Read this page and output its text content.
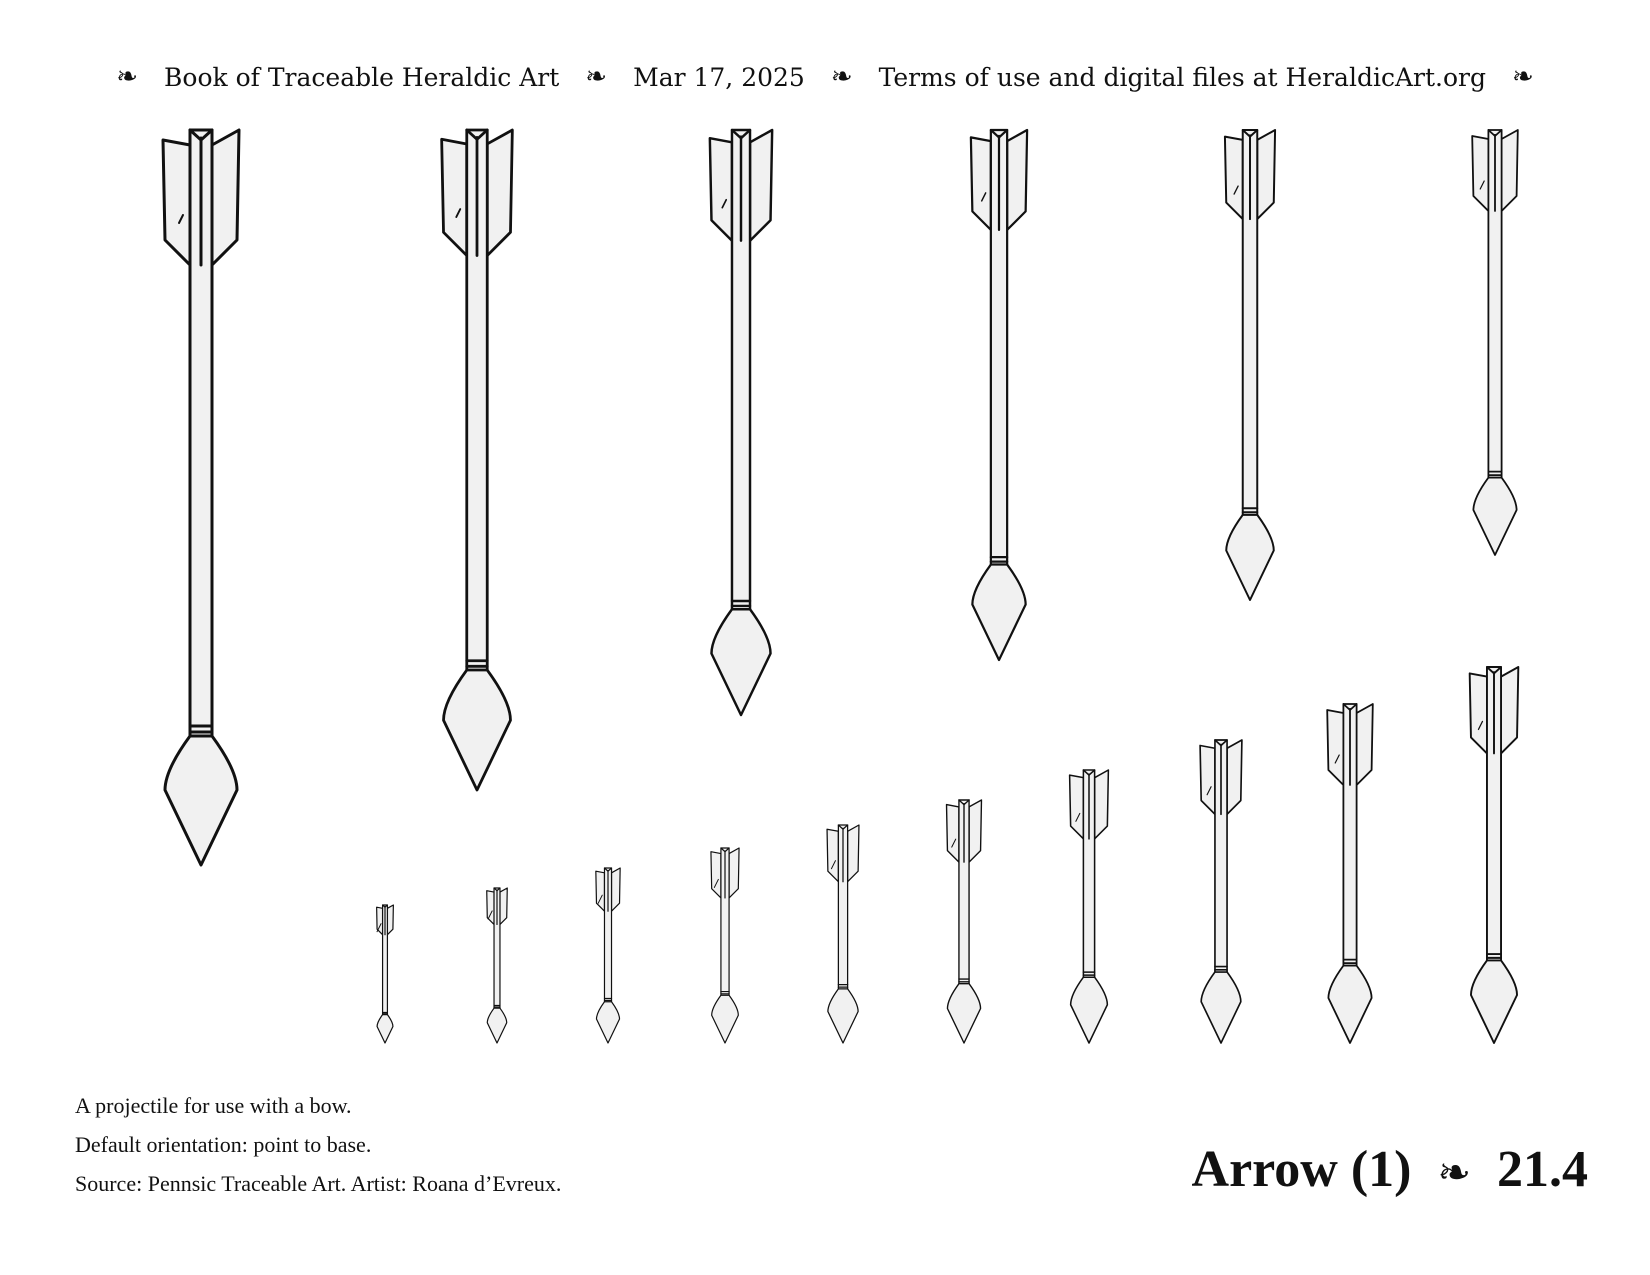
❧ Book of Traceable Heraldic Art ❧ Mar 17, 2025 ❧ Terms of use and digital files at HeraldicArt.org ❧
A projectile for use with a bow.
Default orientation: point to base.
Source: Pennsic Traceable Art. Artist: Roana d’Evreux.	Arrow (1) ❧ 21.4
